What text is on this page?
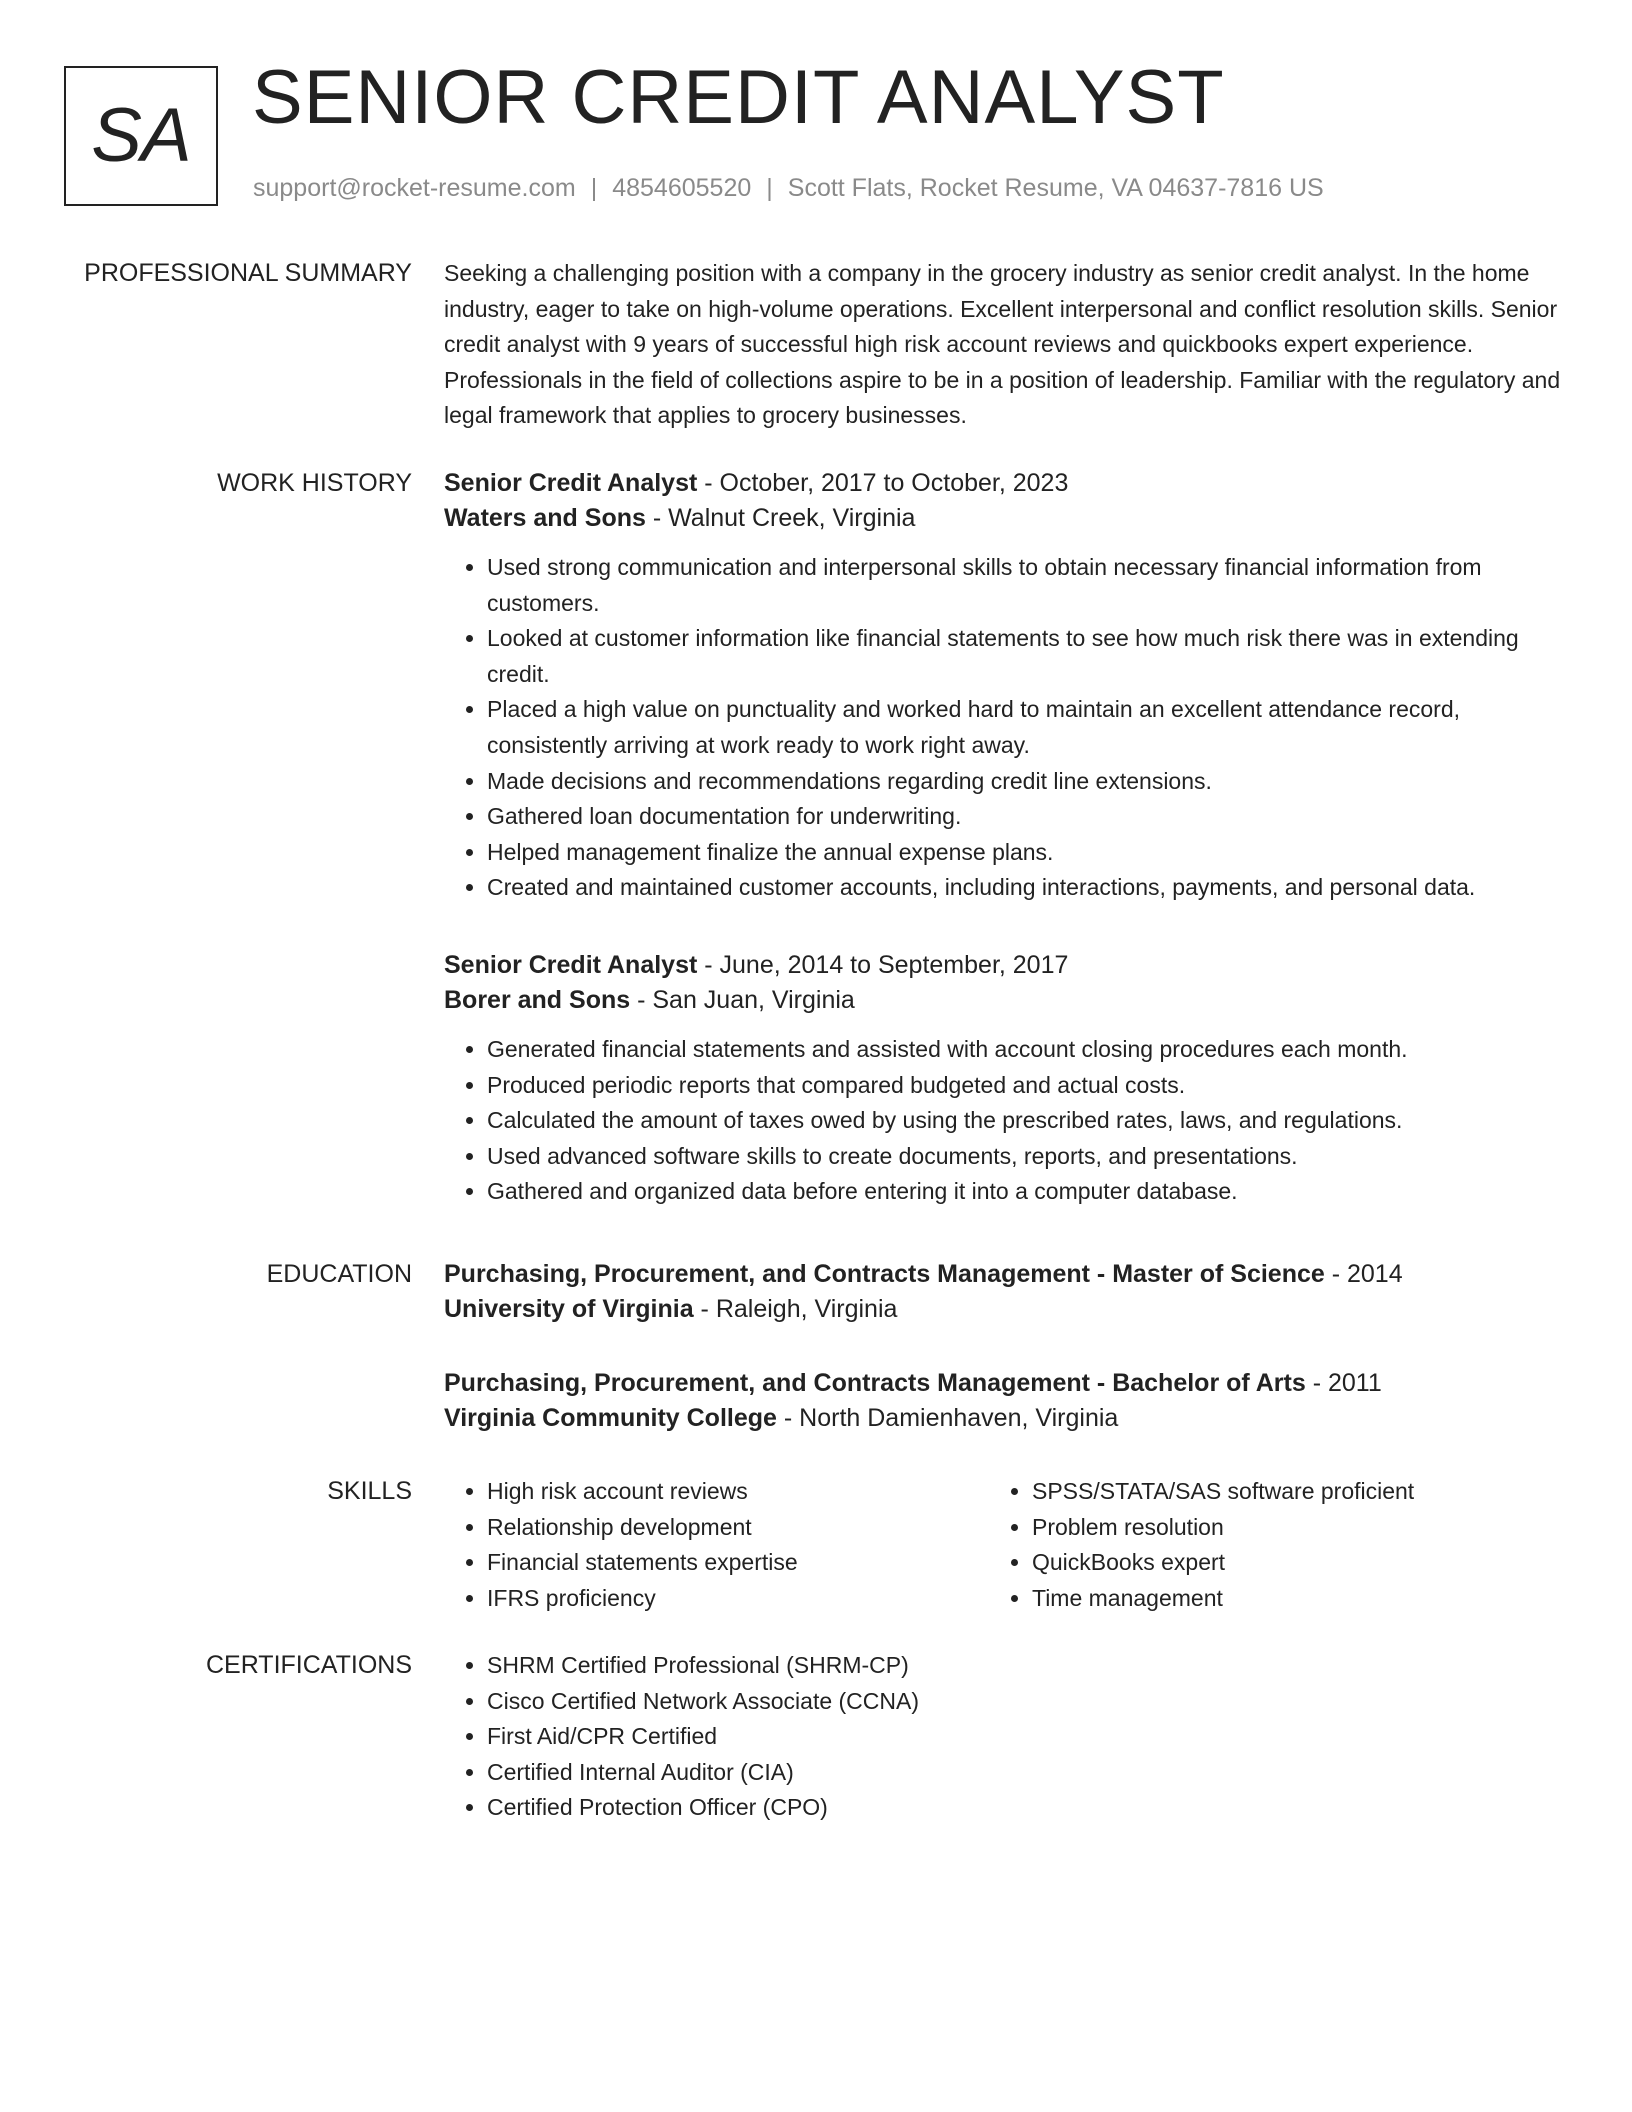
SA SENIOR CREDIT ANALYST
support@rocket-resume.com | 4854605520 | Scott Flats, Rocket Resume, VA 04637-7816 US
PROFESSIONAL SUMMARY Seeking a challenging position with a company in the grocery industry as senior credit analyst. In the home industry, eager to take on high-volume operations. Excellent interpersonal and conflict resolution skills. Senior credit analyst with 9 years of successful high risk account reviews and quickbooks expert experience. Professionals in the field of collections aspire to be in a position of leadership. Familiar with the regulatory and legal framework that applies to grocery businesses.

WORK HISTORY Senior Credit Analyst - October, 2017 to October, 2023
Waters and Sons - Walnut Creek, Virginia
• Used strong communication and interpersonal skills to obtain necessary financial information from customers.
• Looked at customer information like financial statements to see how much risk there was in extending credit.
• Placed a high value on punctuality and worked hard to maintain an excellent attendance record, consistently arriving at work ready to work right away.
• Made decisions and recommendations regarding credit line extensions.
• Gathered loan documentation for underwriting.
• Helped management finalize the annual expense plans.
• Created and maintained customer accounts, including interactions, payments, and personal data.
Senior Credit Analyst - June, 2014 to September, 2017
Borer and Sons - San Juan, Virginia
• Generated financial statements and assisted with account closing procedures each month.
• Produced periodic reports that compared budgeted and actual costs.
• Calculated the amount of taxes owed by using the prescribed rates, laws, and regulations.
• Used advanced software skills to create documents, reports, and presentations.
• Gathered and organized data before entering it into a computer database.
EDUCATION Purchasing, Procurement, and Contracts Management - Master of Science - 2014
University of Virginia - Raleigh, Virginia
Purchasing, Procurement, and Contracts Management - Bachelor of Arts - 2011
Virginia Community College - North Damienhaven, Virginia
SKILLS	• High risk account reviews
• Relationship development
• Financial statements expertise
• IFRS proficiency
• SPSS/STATA/SAS software proficient
• Problem resolution
• QuickBooks expert
• Time management
CERTIFICATIONS	• SHRM Certified Professional (SHRM-CP)
• Cisco Certified Network Associate (CCNA)
• First Aid/CPR Certified
• Certified Internal Auditor (CIA)
• Certified Protection Officer (CPO)
